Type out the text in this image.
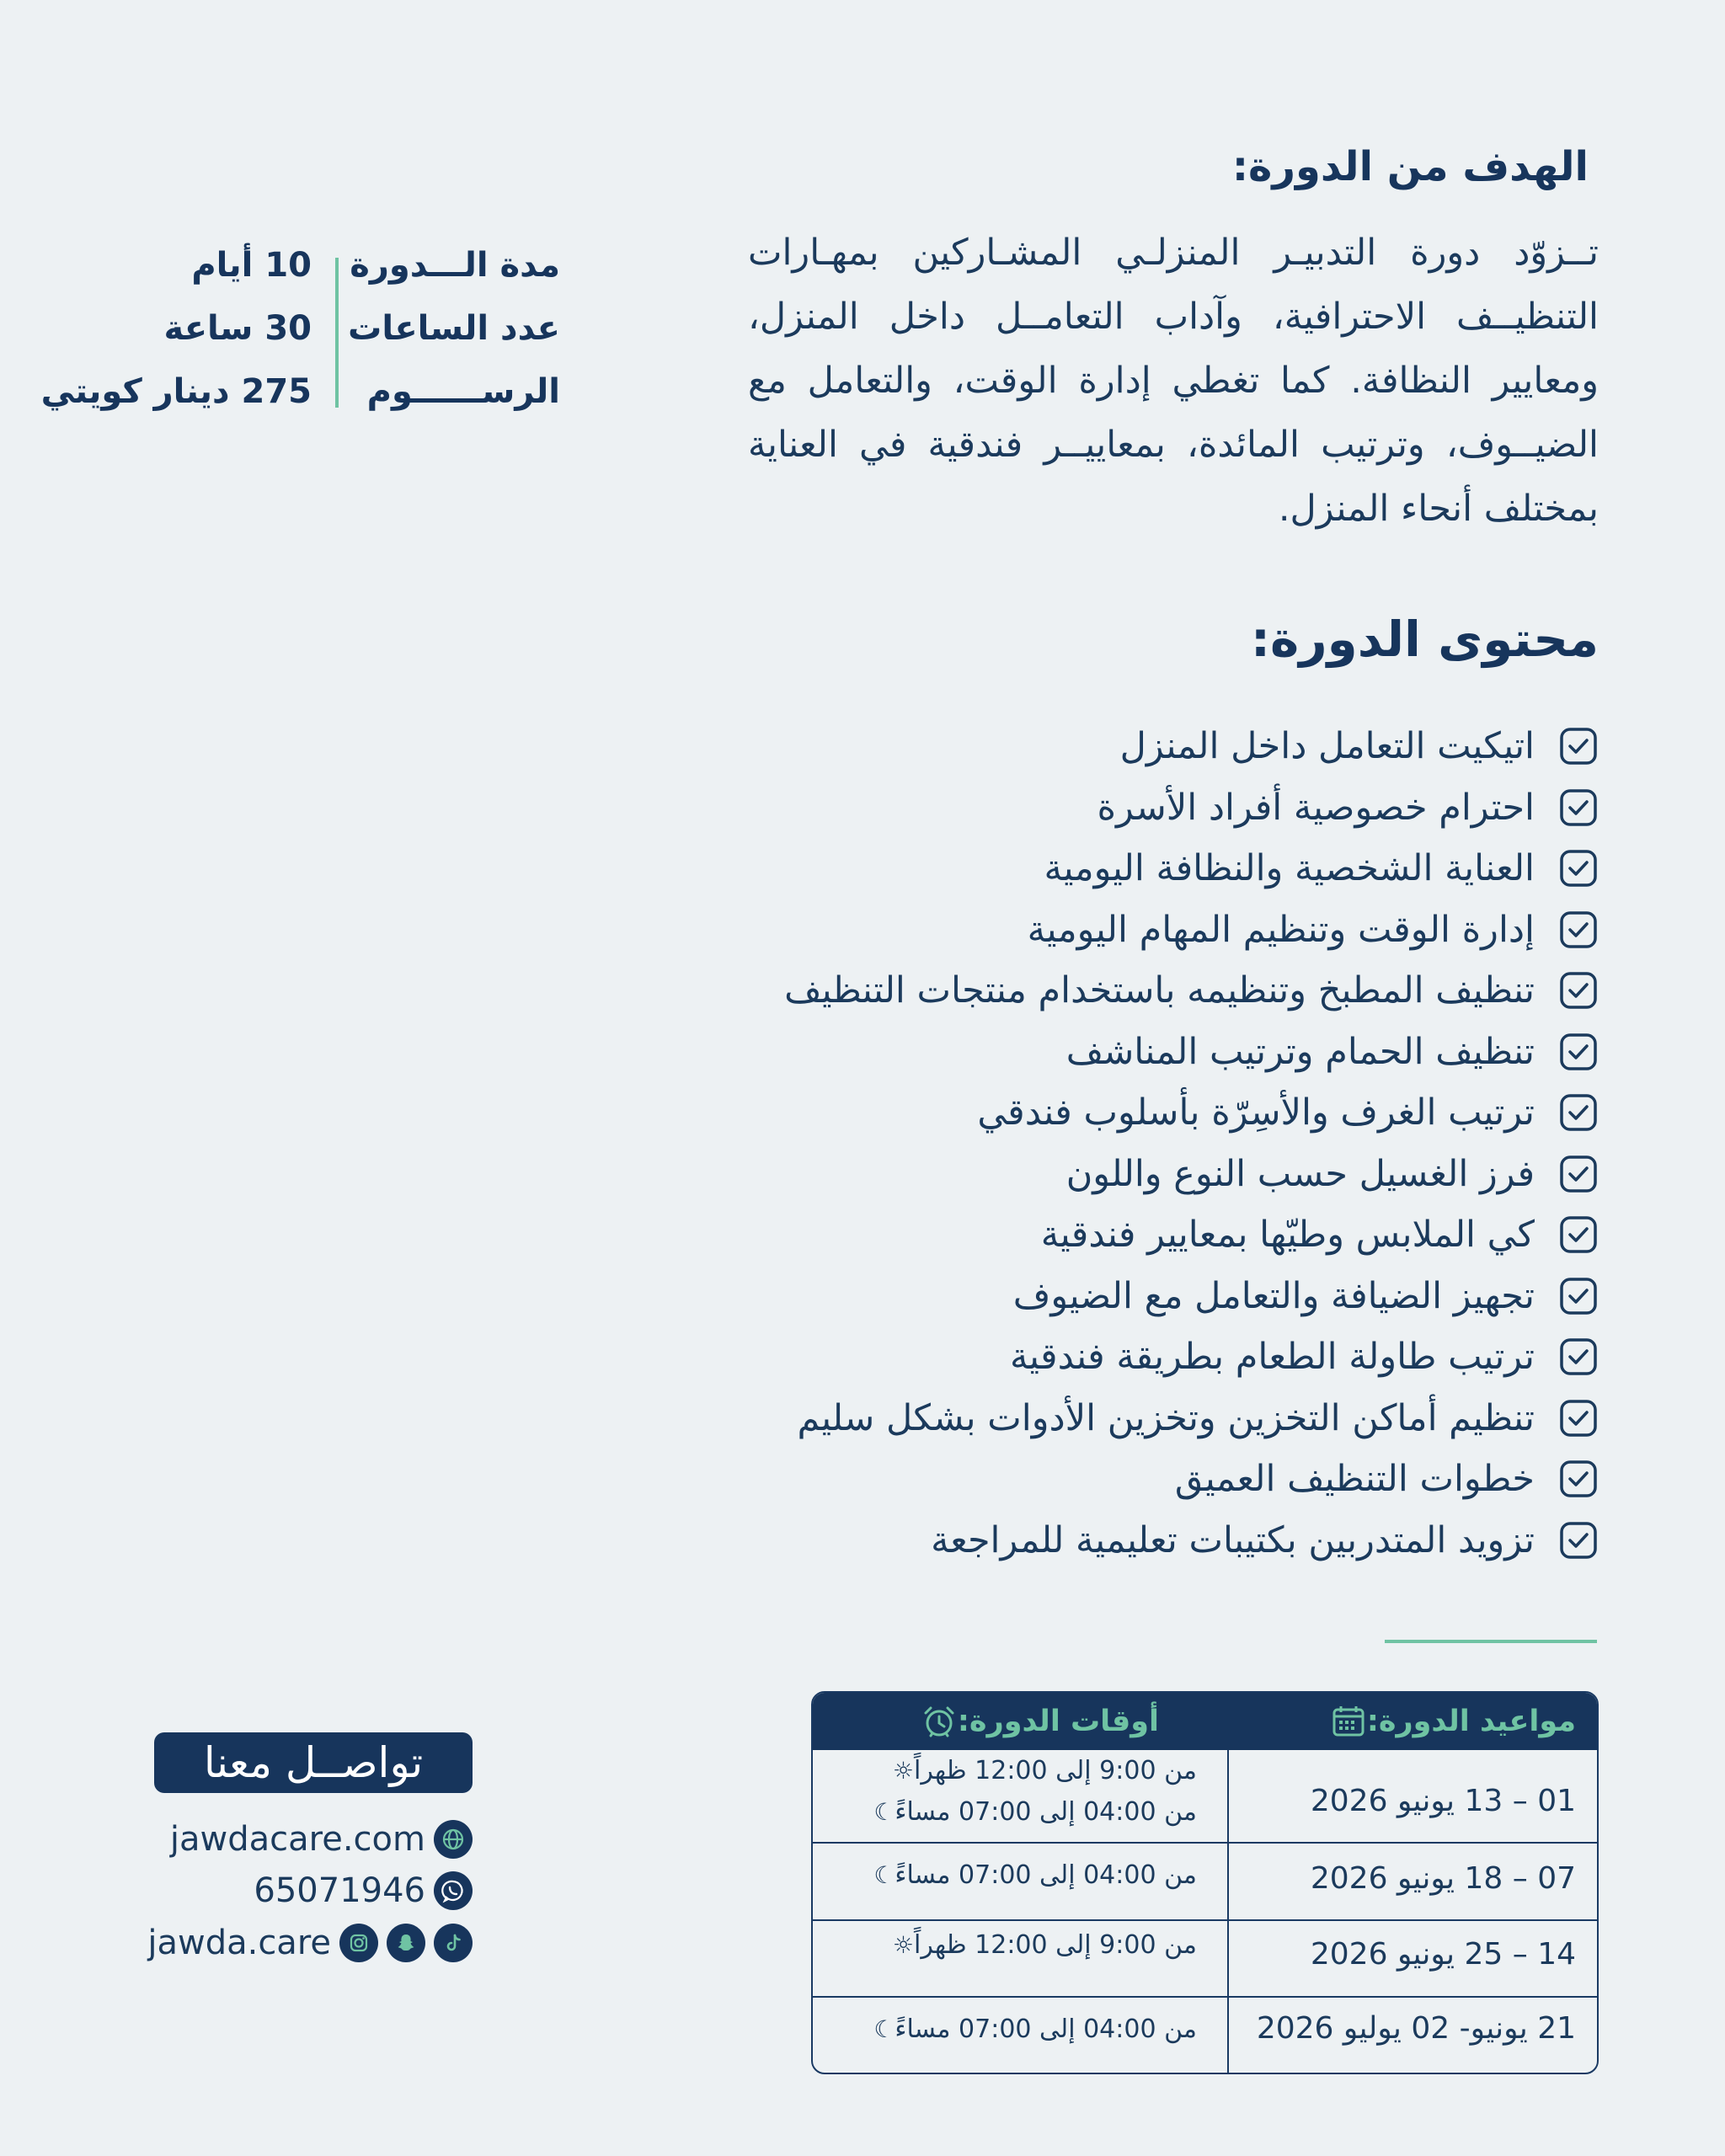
الهدف من الدورة:

تــزوّد دورة التدبيـر المنزلـي المشـاركين بمهـارات التنظيــف الاحترافية، وآداب التعامــل داخل المنزل، ومعايير النظافة. كما تغطي إدارة الوقت، والتعامل مع الضيــوف، وترتيب المائدة، بمعاييــر فندقية في العناية بمختلف أنحاء المنزل.

مدة الـــدورة
10 أيام
عدد الساعات
30 ساعة
الرســــــوم
275 دينار كويتي
محتوى الدورة:
اتيكيت التعامل داخل المنزل
احترام خصوصية أفراد الأسرة
العناية الشخصية والنظافة اليومية
إدارة الوقت وتنظيم المهام اليومية
تنظيف المطبخ وتنظيمه باستخدام منتجات التنظيف
تنظيف الحمام وترتيب المناشف
ترتيب الغرف والأسِرّة بأسلوب فندقي
فرز الغسيل حسب النوع واللون
كي الملابس وطيّها بمعايير فندقية
تجهيز الضيافة والتعامل مع الضيوف
ترتيب طاولة الطعام بطريقة فندقية
تنظيم أماكن التخزين وتخزين الأدوات بشكل سليم
خطوات التنظيف العميق
تزويد المتدربين بكتيبات تعليمية للمراجعة
مواعيد الدورة:
أوقات الدورة:
01 – 13 يونيو 2026
☼ من 9:00 إلى 12:00 ظهراً
☾ من 04:00 إلى 07:00 مساءً
07 – 18 يونيو 2026
☾ من 04:00 إلى 07:00 مساءً
14 – 25 يونيو 2026
☼ من 9:00 إلى 12:00 ظهراً
21 يونيو- 02 يوليو 2026
☾ من 04:00 إلى 07:00 مساءً
تواصــل معنا
jawdacare.com
65071946
jawda.care
